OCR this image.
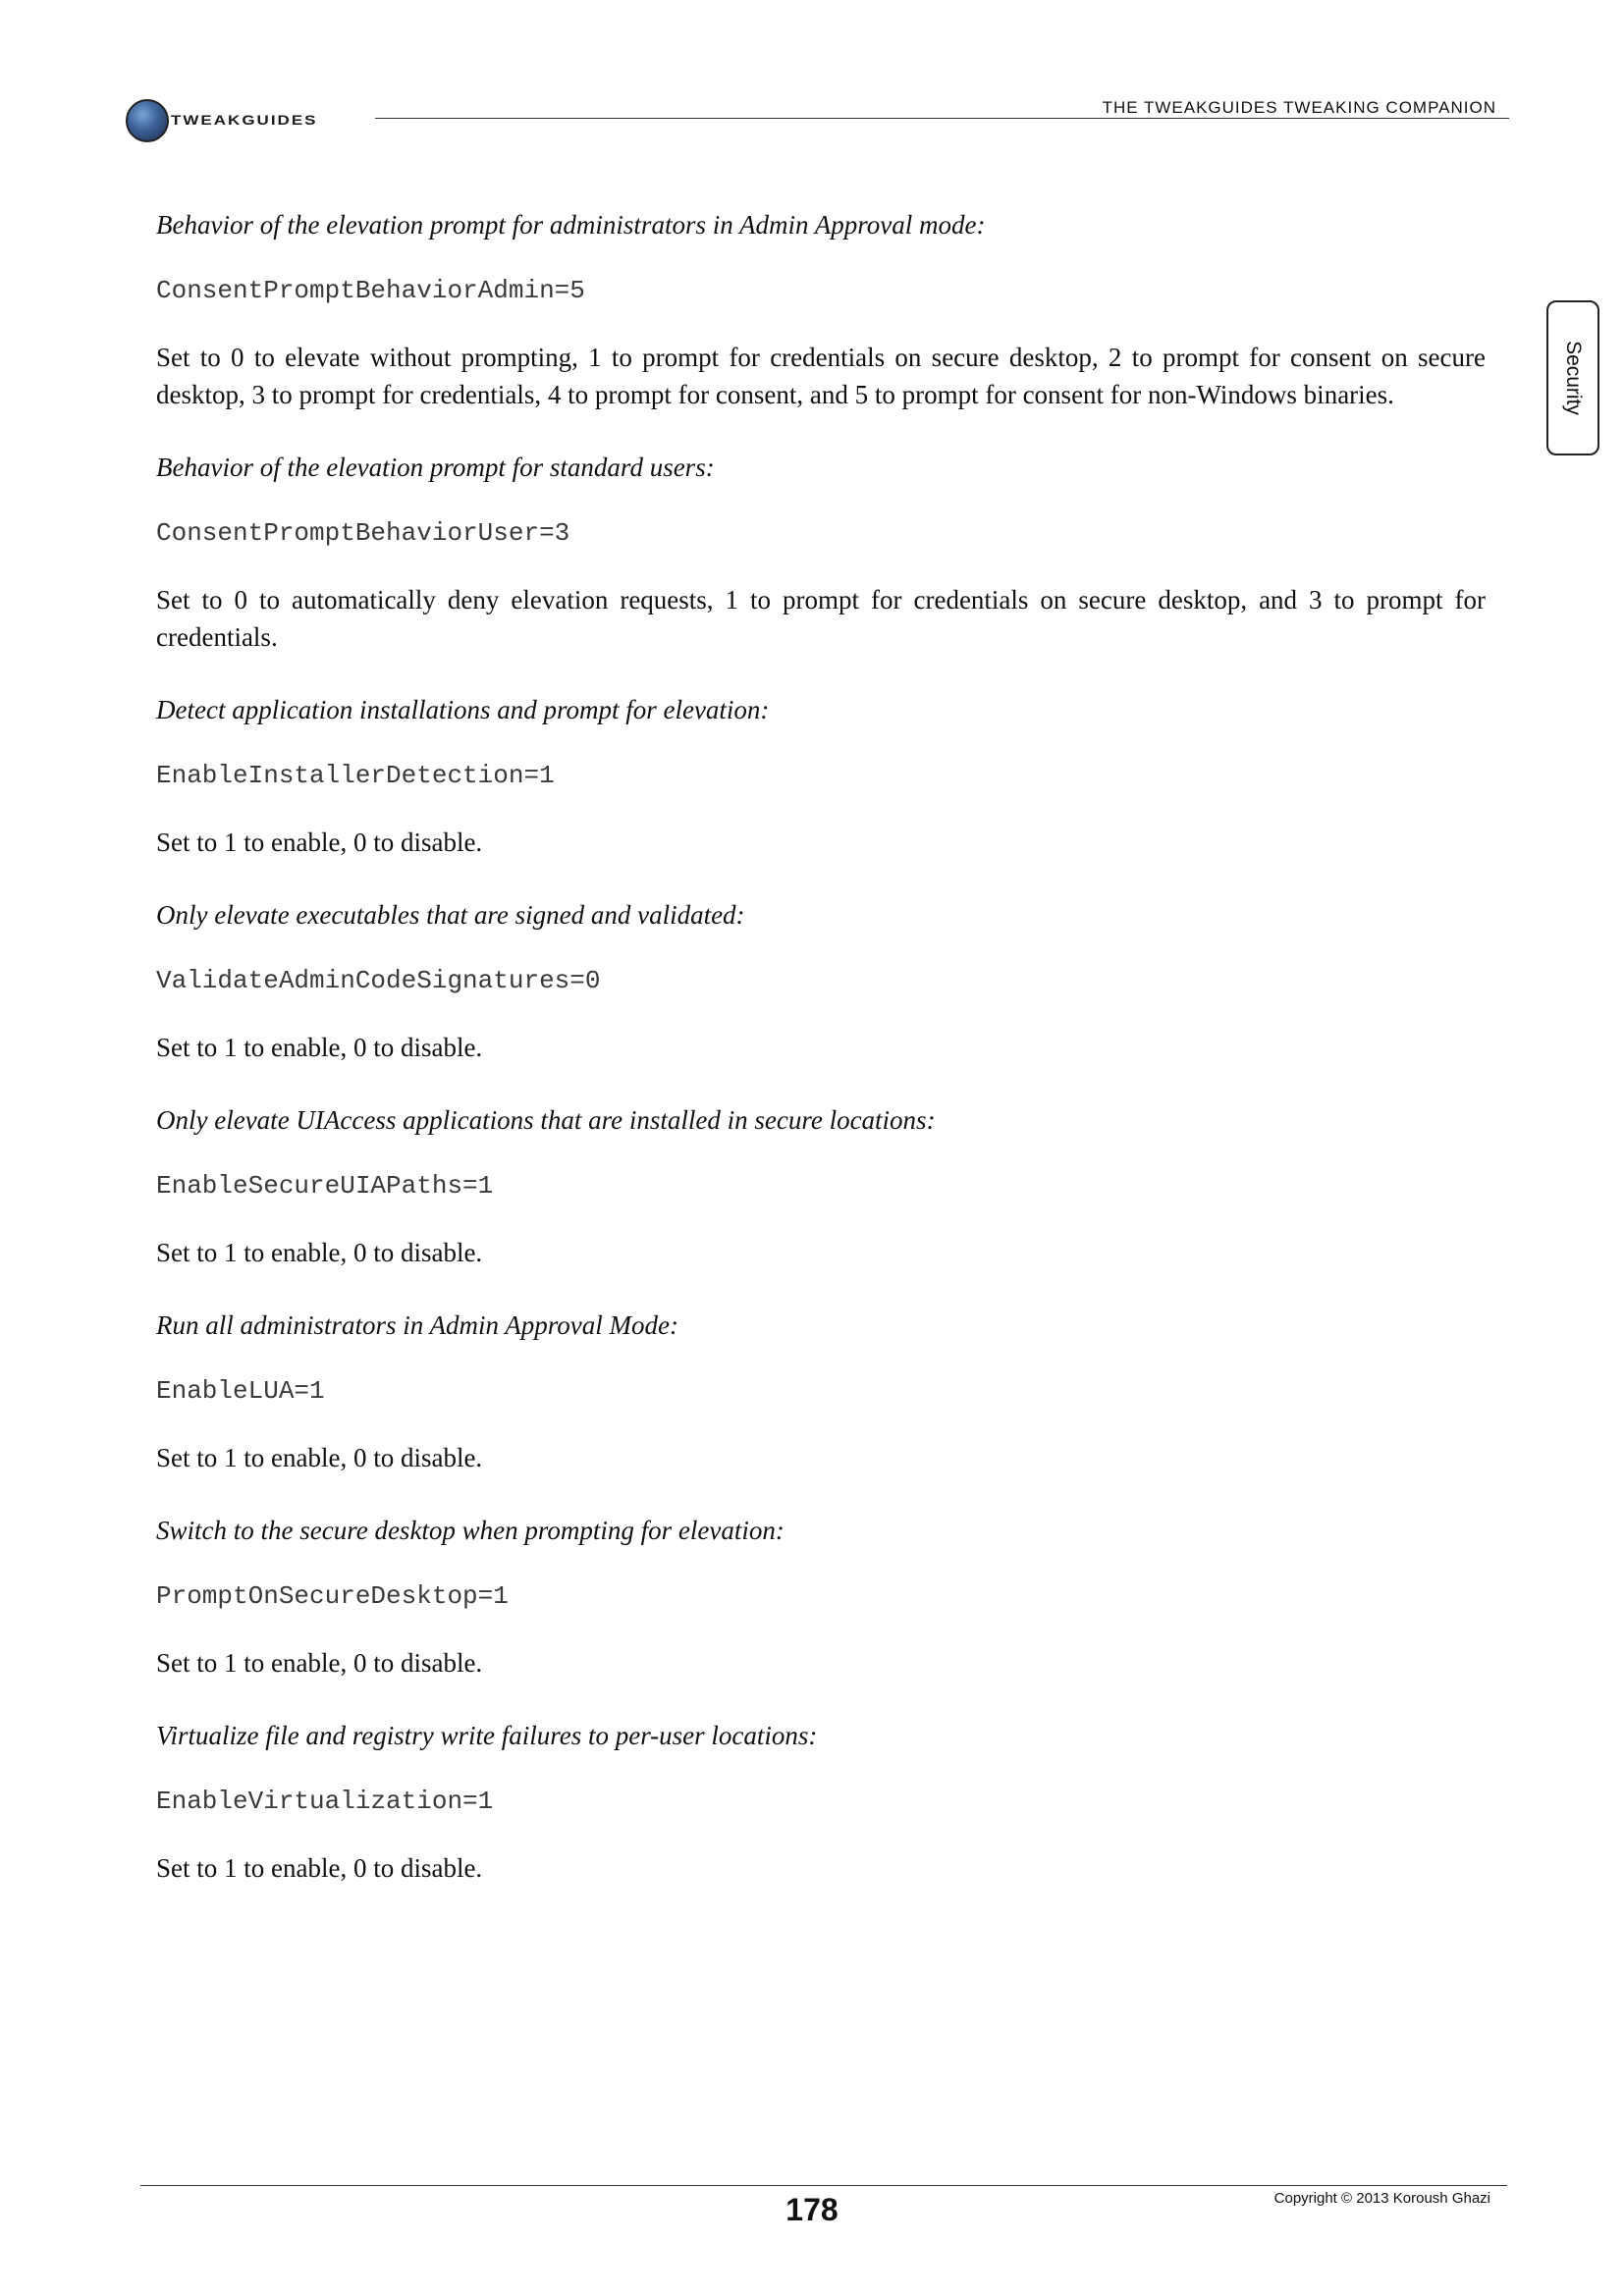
TWEAKGUIDES
THE TWEAKGUIDES TWEAKING COMPANION
Security

Behavior of the elevation prompt for administrators in Admin Approval mode:

ConsentPromptBehaviorAdmin=5

Set to 0 to elevate without prompting, 1 to prompt for credentials on secure desktop, 2 to prompt for consent on secure desktop, 3 to prompt for credentials, 4 to prompt for consent, and 5 to prompt for consent for non-Windows binaries.

Behavior of the elevation prompt for standard users:

ConsentPromptBehaviorUser=3

Set to 0 to automatically deny elevation requests, 1 to prompt for credentials on secure desktop, and 3 to prompt for credentials.

Detect application installations and prompt for elevation:

EnableInstallerDetection=1

Set to 1 to enable, 0 to disable.

Only elevate executables that are signed and validated:

ValidateAdminCodeSignatures=0

Set to 1 to enable, 0 to disable.

Only elevate UIAccess applications that are installed in secure locations:

EnableSecureUIAPaths=1

Set to 1 to enable, 0 to disable.

Run all administrators in Admin Approval Mode:

EnableLUA=1

Set to 1 to enable, 0 to disable.

Switch to the secure desktop when prompting for elevation:

PromptOnSecureDesktop=1

Set to 1 to enable, 0 to disable.

Virtualize file and registry write failures to per-user locations:

EnableVirtualization=1

Set to 1 to enable, 0 to disable.

178	Copyright © 2013 Koroush Ghazi
